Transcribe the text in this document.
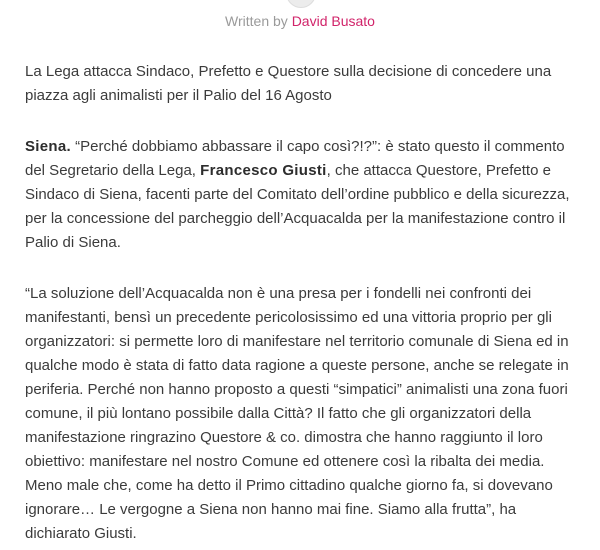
Written by David Busato

La Lega attacca Sindaco, Prefetto e Questore sulla decisione di concedere una piazza agli animalisti per il Palio del 16 Agosto

Siena. “Perché dobbiamo abbassare il capo così?!?”: è stato questo il commento del Segretario della Lega, Francesco Giusti, che attacca Questore, Prefetto e Sindaco di Siena, facenti parte del Comitato dell’ordine pubblico e della sicurezza, per la concessione del parcheggio dell’Acquacalda per la manifestazione contro il Palio di Siena.

“La soluzione dell’Acquacalda non è una presa per i fondelli nei confronti dei manifestanti, bensì un precedente pericolosissimo ed una vittoria proprio per gli organizzatori: si permette loro di manifestare nel territorio comunale di Siena ed in qualche modo è stata di fatto data ragione a queste persone, anche se relegate in periferia. Perché non hanno proposto a questi “simpatici” animalisti una zona fuori comune, il più lontano possibile dalla Città? Il fatto che gli organizzatori della manifestazione ringrazino Questore & co. dimostra che hanno raggiunto il loro obiettivo: manifestare nel nostro Comune ed ottenere così la ribalta dei media. Meno male che, come ha detto il Primo cittadino qualche giorno fa, si dovevano ignorare… Le vergogne a Siena non hanno mai fine. Siamo alla frutta”, ha dichiarato Giusti.
